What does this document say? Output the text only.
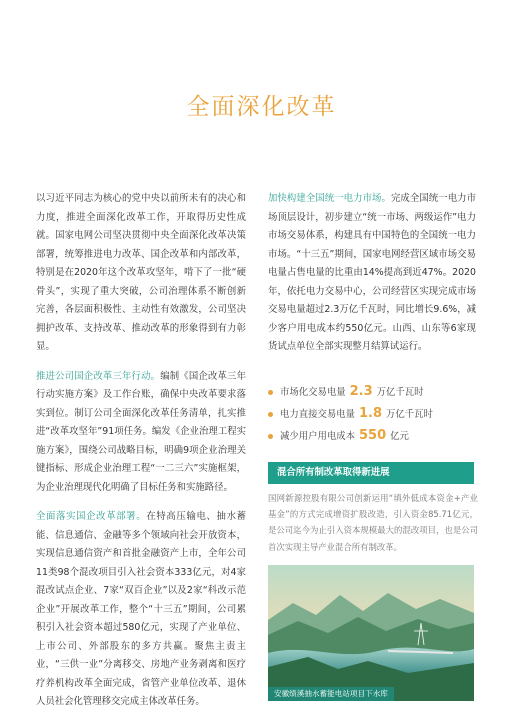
全面深化改革

以习近平同志为核心的党中央以前所未有的决心和力度，推进全面深化改革工作，开取得历史性成就。国家电网公司坚决贯彻中央全面深化改革决策部署，统筹推进电力改革、国企改革和内部改革，特别是在2020年这个改革攻坚年，啃下了一批“硬骨头”，实现了重大突破，公司治理体系不断创新完善，各层面积极性、主动性有效激发，公司坚决拥护改革、支持改革、推动改革的形象得到有力彰显。

推进公司国企改革三年行动。编制《国企改革三年行动实施方案》及工作台账，确保中央改革要求落实到位。制订公司全面深化改革任务清单，扎实推进“改革攻坚年”91项任务。编发《企业治理工程实施方案》，围绕公司战略目标，明确9项企业治理关键指标、形成企业治理工程“一二三六”实施框架，为企业治理现代化明确了目标任务和实施路径。

全面落实国企改革部署。在特高压输电、抽水蓄能、信息通信、金融等多个领域向社会开放资本，实现信息通信资产和首批金融资产上市，全年公司11类98个混改项目引入社会资本333亿元，对4家混改试点企业、7家“双百企业”以及2家“科改示范企业”开展改革工作，整个“十三五”期间，公司累积引入社会资本超过580亿元，实现了产业单位、上市公司、外部股东的多方共赢。聚焦主责主业，“三供一业”分离移交、房地产业务剥离和医疗疗养机构改革全面完成，省管产业单位改革、退休人员社会化管理移交完成主体改革任务。

加快构建全国统一电力市场。完成全国统一电力市场顶层设计，初步建立“统一市场、两级运作”电力市场交易体系，构建具有中国特色的全国统一电力市场。“十三五”期间，国家电网经营区域市场交易电量占售电量的比重由14%提高到近47%。2020年，依托电力交易中心，公司经营区实现完成市场交易电量超过2.3万亿千瓦时，同比增长9.6%，减少客户用电成本约550亿元。山西、山东等6家现货试点单位全部实现整月结算试运行。

市场化交易电量 2.3 万亿千瓦时
电力直接交易电量 1.8 万亿千瓦时
减少用户用电成本 550 亿元
混合所有制改革取得新进展
国网新源控股有限公司创新运用“填外低成本资金+产业基金”的方式完成增资扩股改造，引入资金85.71亿元，是公司迄今为止引入资本规模最大的混改项目，也是公司首次实现主导产业混合所有制改革。
安徽绩溪抽水蓄能电站项目下水库
